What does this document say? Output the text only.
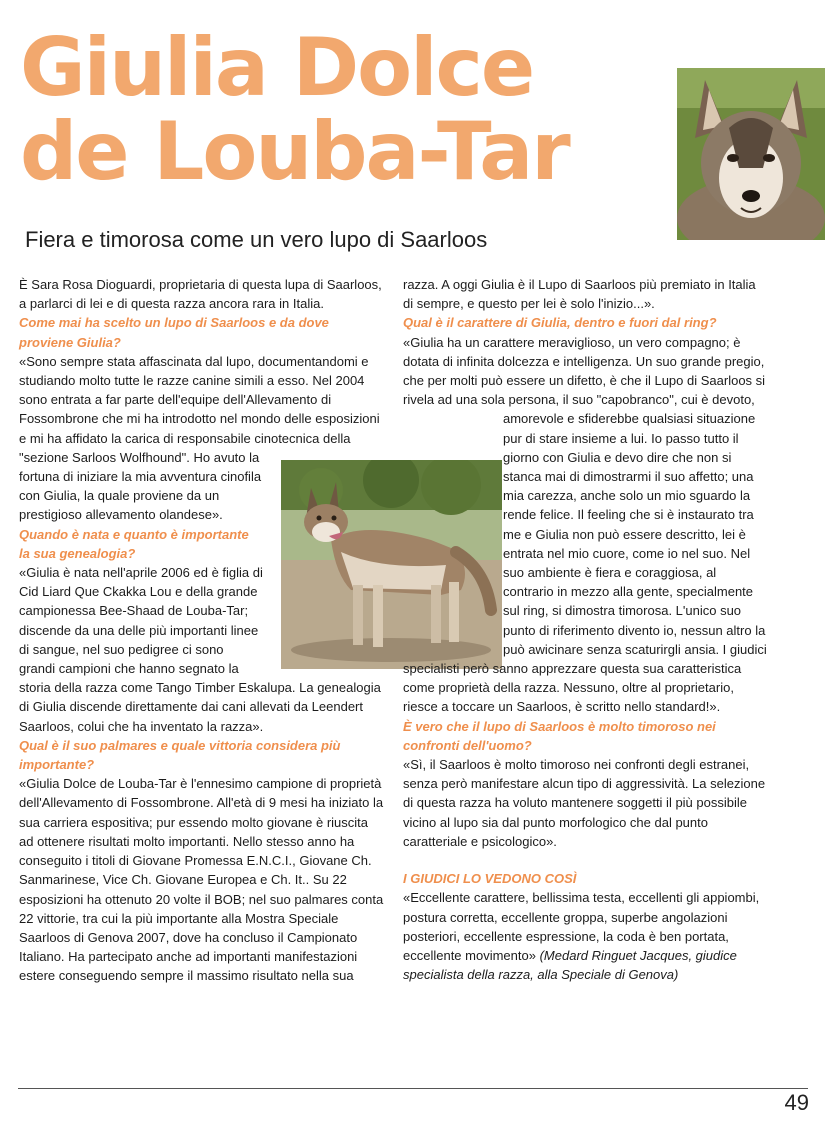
Giulia Dolce
de Louba-Tar
Fiera e timorosa come un vero lupo di Saarloos

È Sara Rosa Dioguardi, proprietaria di questa lupa di Saarloos, a parlarci di lei e di questa razza ancora rara in Italia.

Come mai ha scelto un lupo di Saarloos e da dove proviene Giulia?

«Sono sempre stata affascinata dal lupo, documentandomi e studiando molto tutte le razze canine simili a esso. Nel 2004 sono entrata a far parte dell'equipe dell'Allevamento di Fossombrone che mi ha introdotto nel mondo delle esposizioni e mi ha affidato la carica di responsabile cinotecnica della "sezione Sarloos Wolfhound". Ho avuto la fortuna di iniziare la mia avventura cinofila con Giulia, la quale proviene da un prestigioso allevamento olandese».

Quando è nata e quanto è importante la sua genealogia?

«Giulia è nata nell'aprile 2006 ed è figlia di Cid Liard Que Ckakka Lou e della grande campionessa Bee-Shaad de Louba-Tar; discende da una delle più importanti linee di sangue, nel suo pedigree ci sono grandi campioni che hanno segnato la storia della razza come Tango Timber Eskalupa. La genealogia di Giulia discende direttamente dai cani allevati da Leendert Saarloos, colui che ha inventato la razza».

Qual è il suo palmares e quale vittoria considera più importante?

«Giulia Dolce de Louba-Tar è l'ennesimo campione di proprietà dell'Allevamento di Fossombrone. All'età di 9 mesi ha iniziato la sua carriera espositiva; pur essendo molto giovane è riuscita ad ottenere risultati molto importanti. Nello stesso anno ha conseguito i titoli di Giovane Promessa E.N.C.I., Giovane Ch. Sanmarinese, Vice Ch. Giovane Europea e Ch. It.. Su 22 esposizioni ha ottenuto 20 volte il BOB; nel suo palmares conta 22 vittorie, tra cui la più importante alla Mostra Speciale Saarloos di Genova 2007, dove ha concluso il Campionato Italiano. Ha partecipato anche ad importanti manifestazioni estere conseguendo sempre il massimo risultato nella sua

razza. A oggi Giulia è il Lupo di Saarloos più premiato in Italia di sempre, e questo per lei è solo l'inizio...».

Qual è il carattere di Giulia, dentro e fuori dal ring?

«Giulia ha un carattere meraviglioso, un vero compagno; è dotata di infinita dolcezza e intelligenza. Un suo grande pregio, che per molti può essere un difetto, è che il Lupo di Saarloos si rivela ad una sola persona, il suo "capobranco", cui è devoto, amorevole e sfiderebbe qualsiasi situazione pur di stare insieme a lui. Io passo tutto il giorno con Giulia e devo dire che non si stanca mai di dimostrarmi il suo affetto; una mia carezza, anche solo un mio sguardo la rende felice. Il feeling che si è instaurato tra me e Giulia non può essere descritto, lei è entrata nel mio cuore, come io nel suo. Nel suo ambiente è fiera e coraggiosa, al contrario in mezzo alla gente, specialmente sul ring, si dimostra timorosa. L'unico suo punto di riferimento divento io, nessun altro la può awicinare senza scaturirgli ansia. I giudici specialisti però sanno apprezzare questa sua caratteristica come proprietà della razza. Nessuno, oltre al proprietario, riesce a toccare un Saarloos, è scritto nello standard!».

È vero che il lupo di Saarloos è molto timoroso nei confronti dell'uomo?

«Sì, il Saarloos è molto timoroso nei confronti degli estranei, senza però manifestare alcun tipo di aggressività. La selezione di questa razza ha voluto mantenere soggetti il più possibile vicino al lupo sia dal punto morfologico che dal punto caratteriale e psicologico».

I GIUDICI LO VEDONO COSÌ

«Eccellente carattere, bellissima testa, eccellenti gli appiombi, postura corretta, eccellente groppa, superbe angolazioni posteriori, eccellente espressione, la coda è ben portata, eccellente movimento» (Medard Ringuet Jacques, giudice specialista della razza, alla Speciale di Genova)

49
